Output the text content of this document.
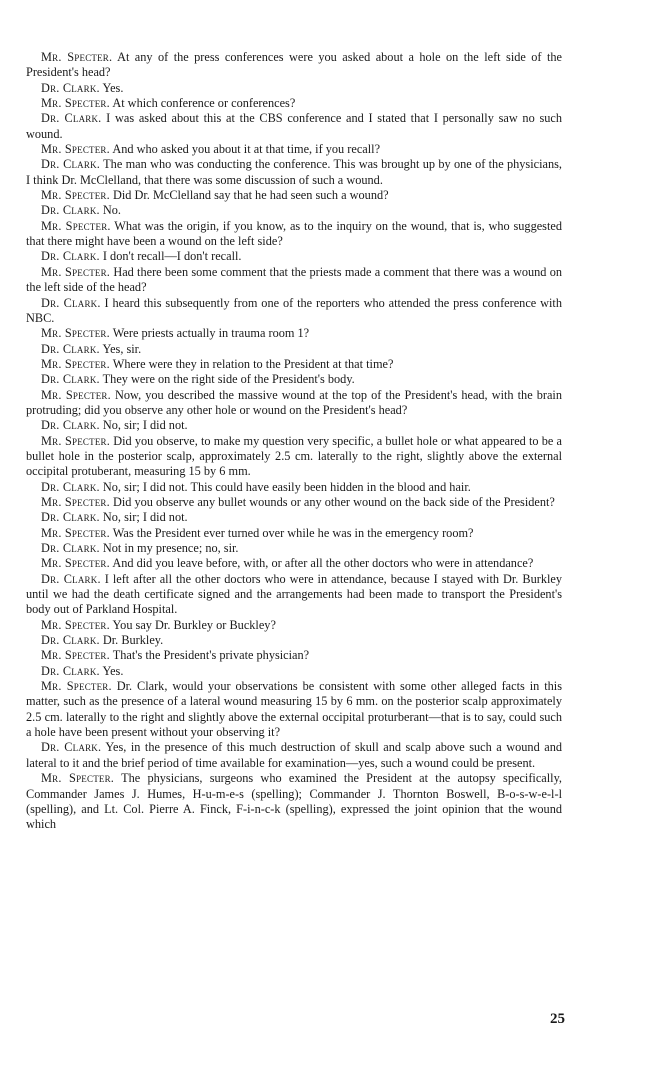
Mr. Specter. At any of the press conferences were you asked about a hole on the left side of the President's head?

Dr. Clark. Yes.

Mr. Specter. At which conference or conferences?

Dr. Clark. I was asked about this at the CBS conference and I stated that I personally saw no such wound.

Mr. Specter. And who asked you about it at that time, if you recall?

Dr. Clark. The man who was conducting the conference. This was brought up by one of the physicians, I think Dr. McClelland, that there was some discussion of such a wound.

Mr. Specter. Did Dr. McClelland say that he had seen such a wound?

Dr. Clark. No.

Mr. Specter. What was the origin, if you know, as to the inquiry on the wound, that is, who suggested that there might have been a wound on the left side?

Dr. Clark. I don't recall—I don't recall.

Mr. Specter. Had there been some comment that the priests made a comment that there was a wound on the left side of the head?

Dr. Clark. I heard this subsequently from one of the reporters who attended the press conference with NBC.

Mr. Specter. Were priests actually in trauma room 1?

Dr. Clark. Yes, sir.

Mr. Specter. Where were they in relation to the President at that time?

Dr. Clark. They were on the right side of the President's body.

Mr. Specter. Now, you described the massive wound at the top of the President's head, with the brain protruding; did you observe any other hole or wound on the President's head?

Dr. Clark. No, sir; I did not.

Mr. Specter. Did you observe, to make my question very specific, a bullet hole or what appeared to be a bullet hole in the posterior scalp, approximately 2.5 cm. laterally to the right, slightly above the external occipital protuberant, measuring 15 by 6 mm.

Dr. Clark. No, sir; I did not. This could have easily been hidden in the blood and hair.

Mr. Specter. Did you observe any bullet wounds or any other wound on the back side of the President?

Dr. Clark. No, sir; I did not.

Mr. Specter. Was the President ever turned over while he was in the emergency room?

Dr. Clark. Not in my presence; no, sir.

Mr. Specter. And did you leave before, with, or after all the other doctors who were in attendance?

Dr. Clark. I left after all the other doctors who were in attendance, because I stayed with Dr. Burkley until we had the death certificate signed and the arrangements had been made to transport the President's body out of Parkland Hospital.

Mr. Specter. You say Dr. Burkley or Buckley?

Dr. Clark. Dr. Burkley.

Mr. Specter. That's the President's private physician?

Dr. Clark. Yes.

Mr. Specter. Dr. Clark, would your observations be consistent with some other alleged facts in this matter, such as the presence of a lateral wound measuring 15 by 6 mm. on the posterior scalp approximately 2.5 cm. laterally to the right and slightly above the external occipital proturberant—that is to say, could such a hole have been present without your observing it?

Dr. Clark. Yes, in the presence of this much destruction of skull and scalp above such a wound and lateral to it and the brief period of time available for examination—yes, such a wound could be present.

Mr. Specter. The physicians, surgeons who examined the President at the autopsy specifically, Commander James J. Humes, H-u-m-e-s (spelling); Commander J. Thornton Boswell, B-o-s-w-e-l-l (spelling), and Lt. Col. Pierre A. Finck, F-i-n-c-k (spelling), expressed the joint opinion that the wound which

25
